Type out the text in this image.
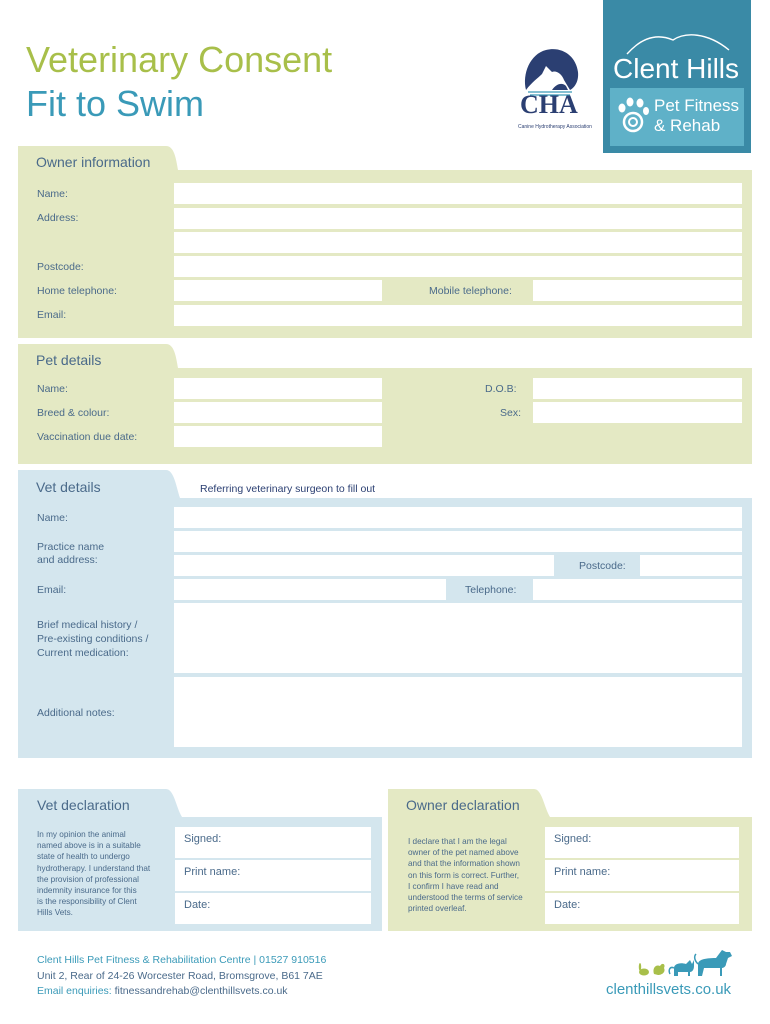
Veterinary Consent
Fit to Swim	CHA
Canine Hydrotherapy Association
Clent Hills
Pet Fitness
& Rehab
Owner information
Name:
Address:
Postcode:
Home telephone:	Mobile telephone:
Email:
Pet details
Name:	D.O.B:
Breed & colour:	Sex:
Vaccination due date:
Vet details	Referring veterinary surgeon to fill out
Name:
Practice name
and address:	Postcode:
Email:	Telephone:
Brief medical history /
Pre-existing conditions /
Current medication:
Additional notes:
Vet declaration
In my opinion the animal
named above is in a suitable
state of health to undergo
hydrotherapy. I understand that
the provision of professional
indemnity insurance for this
is the responsibility of Clent
Hills Vets.
Signed:
Print name:
Date:
Owner declaration
I declare that I am the legal
owner of the pet named above
and that the information shown
on this form is correct. Further,
I confirm I have read and
understood the terms of service
printed overleaf.
Signed:
Print name:
Date:
Clent Hills Pet Fitness & Rehabilitation Centre | 01527 910516
Unit 2, Rear of 24-26 Worcester Road, Bromsgrove, B61 7AE
Email enquiries: fitnessandrehab@clenthillsvets.co.uk	clenthillsvets.co.uk
